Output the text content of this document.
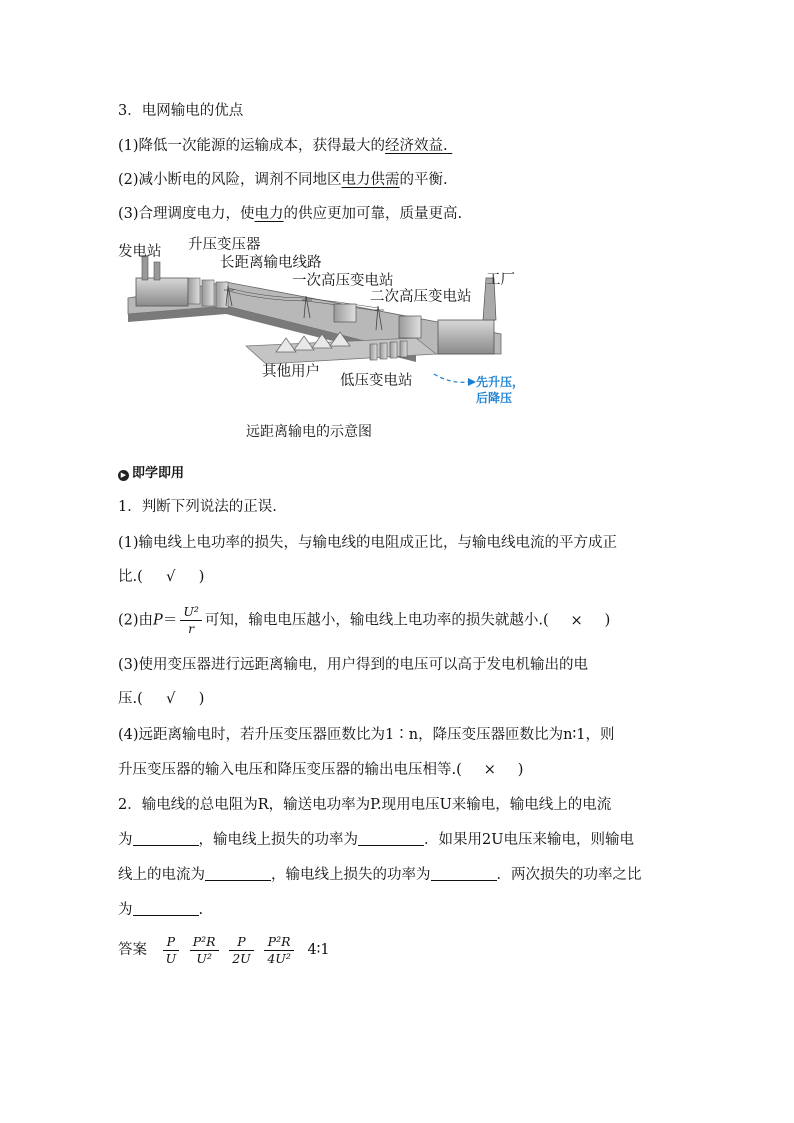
3．电网输电的优点
(1)降低一次能源的运输成本，获得最大的经济效益.
(2)减小断电的风险，调剂不同地区电力供需的平衡.
(3)合理调度电力，使电力的供应更加可靠，质量更高.
发电站 升压变压器
长距离输电线路
一次高压变电站
二次高压变电站
工厂
其他用户
低压变电站	先升压，
后降压
远距离输电的示意图
▶ 即学即用
1．判断下列说法的正误.
(1)输电线上电功率的损失，与输电线的电阻成正比，与输电线电流的平方成正
比.( √ )
(2)由$P= \frac{\text{U²}}{r}$ 可知，输电电压越小，输电线上电功率的损失就越小.( × )
(3)使用变压器进行远距离输电，用户得到的电压可以高于发电机输出的电
压.( √ )
(4)远距离输电时，若升压变压器匝数比为1∶n，降压变压器匝数比为n∶1，则
升压变压器的输入电压和降压变压器的输出电压相等.( × )
2．输电线的总电阻为R，输送电功率为P.现用电压U来输电，输电线上的电流
为	，输电线上损失的功率为	．如果用2U电压来输电，则输电
线上的电流为	，输电线上损失的功率为	．两次损失的功率之比
为	.
答案 $\frac{P}{U}$
$\frac{\text{P²R}}{\text{U²}}$
$\frac{P}{2U}$
$\frac{\text{P²R}}{\text{4U²}}$ 4∶1
